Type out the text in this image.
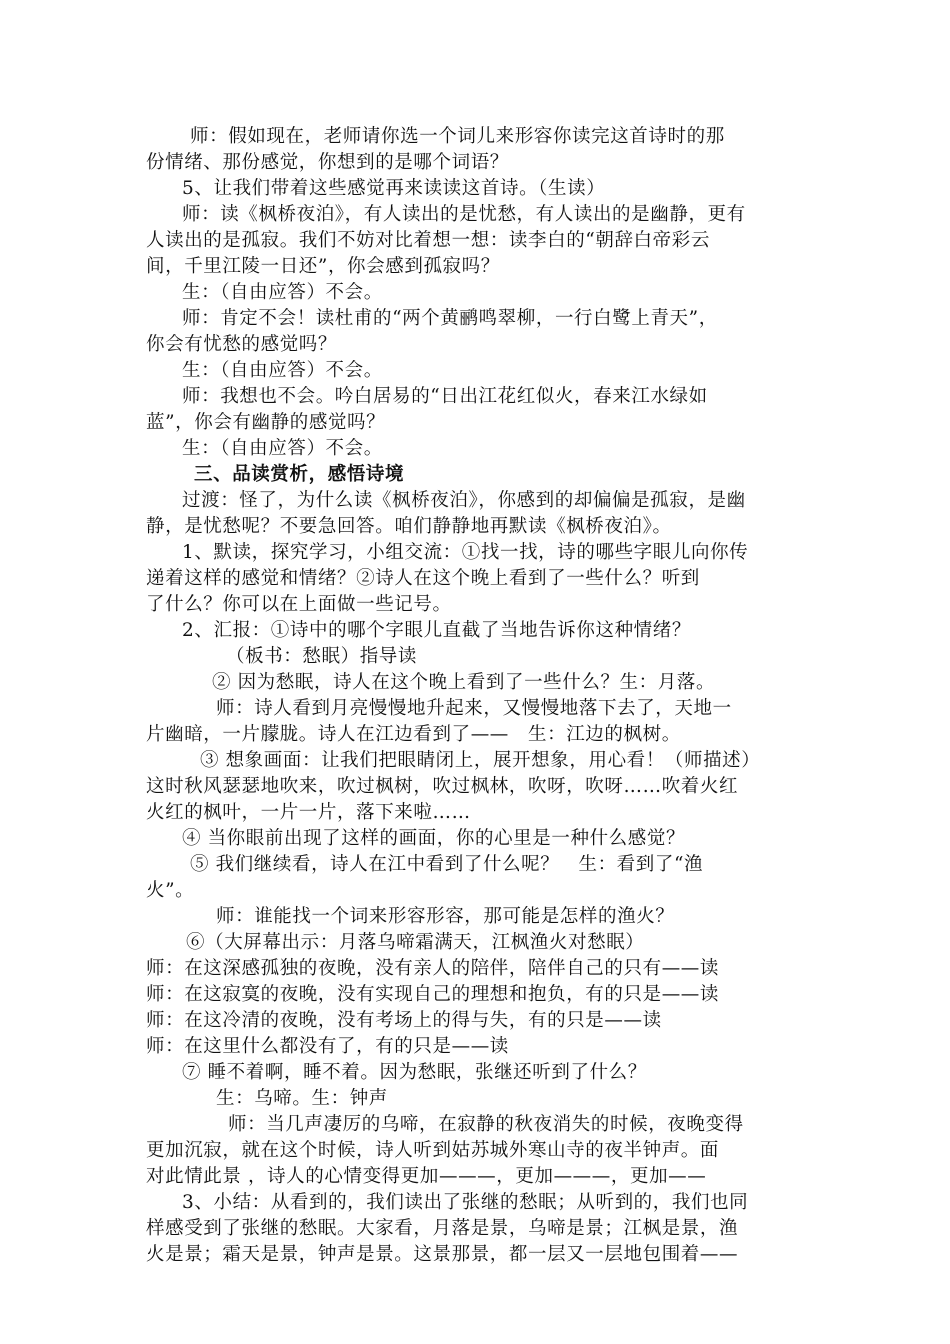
师：假如现在，老师请你选一个词儿来形容你读完这首诗时的那

份情绪、那份感觉，你想到的是哪个词语？

5、让我们带着这些感觉再来读读这首诗。（生读）

师：读《枫桥夜泊》，有人读出的是忧愁，有人读出的是幽静，更有

人读出的是孤寂。我们不妨对比着想一想：读李白的“朝辞白帝彩云

间，千里江陵一日还”，你会感到孤寂吗？

生：（自由应答）不会。

师：肯定不会！读杜甫的“两个黄鹂鸣翠柳，一行白鹭上青天”，

你会有忧愁的感觉吗？

生：（自由应答）不会。

师：我想也不会。吟白居易的“日出江花红似火，春来江水绿如

蓝”，你会有幽静的感觉吗？

生：（自由应答）不会。

三、品读赏析，感悟诗境

过渡：怪了，为什么读《枫桥夜泊》，你感到的却偏偏是孤寂，是幽

静，是忧愁呢？不要急回答。咱们静静地再默读《枫桥夜泊》。

1、默读，探究学习，小组交流：①找一找，诗的哪些字眼儿向你传

递着这样的感觉和情绪？②诗人在这个晚上看到了一些什么？听到

了什么？你可以在上面做一些记号。

2、汇报：①诗中的哪个字眼儿直截了当地告诉你这种情绪？

（板书：愁眠）指导读

② 因为愁眠，诗人在这个晚上看到了一些什么？生：月落。

师：诗人看到月亮慢慢地升起来，又慢慢地落下去了，天地一

片幽暗，一片朦胧。诗人在江边看到了——　生：江边的枫树。

③ 想象画面：让我们把眼睛闭上，展开想象，用心看！（师描述）

这时秋风瑟瑟地吹来，吹过枫树，吹过枫林，吹呀，吹呀……吹着火红

火红的枫叶，一片一片，落下来啦……

④ 当你眼前出现了这样的画面，你的心里是一种什么感觉？

⑤ 我们继续看，诗人在江中看到了什么呢？　生：看到了“渔

火”。

师：谁能找一个词来形容形容，那可能是怎样的渔火？

⑥（大屏幕出示：月落乌啼霜满天，江枫渔火对愁眠）

师：在这深感孤独的夜晚，没有亲人的陪伴，陪伴自己的只有——读

师：在这寂寞的夜晚，没有实现自己的理想和抱负，有的只是——读

师：在这冷清的夜晚，没有考场上的得与失，有的只是——读

师：在这里什么都没有了，有的只是——读

⑦ 睡不着啊，睡不着。因为愁眠，张继还听到了什么？

生：乌啼。生：钟声

师：当几声凄厉的乌啼，在寂静的秋夜消失的时候，夜晚变得

更加沉寂，就在这个时候，诗人听到姑苏城外寒山寺的夜半钟声。面

对此情此景 ，诗人的心情变得更加———，更加———，更加——

3、小结：从看到的，我们读出了张继的愁眠；从听到的，我们也同

样感受到了张继的愁眠。大家看，月落是景，乌啼是景；江枫是景，渔

火是景；霜天是景，钟声是景。这景那景，都一层又一层地包围着——
